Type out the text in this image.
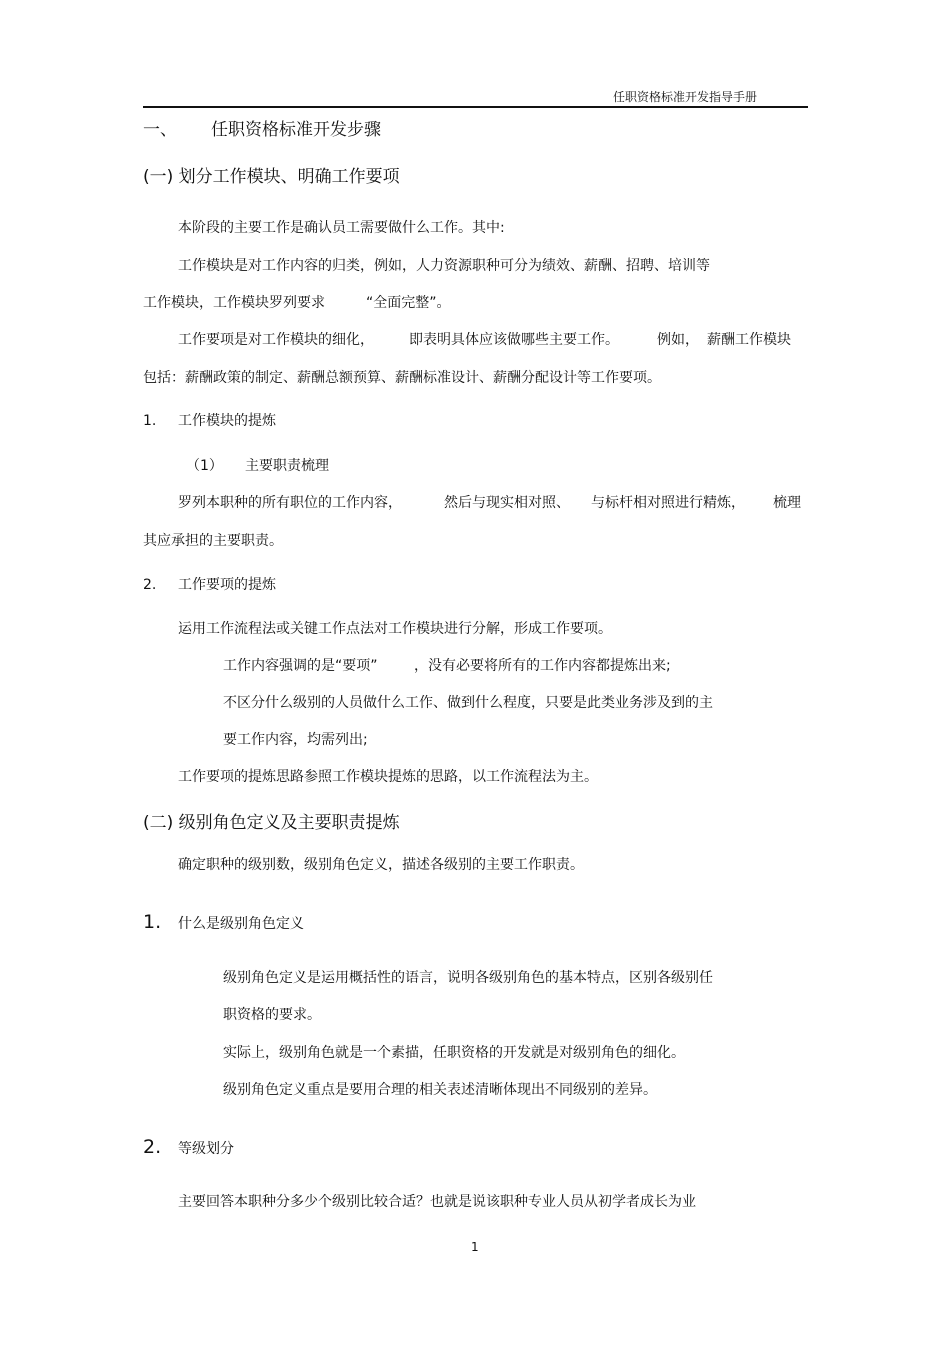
任职资格标准开发指导手册
一、 任职资格标准开发步骤
(一) 划分工作模块、明确工作要项
本阶段的主要工作是确认员工需要做什么工作。其中:
工作模块是对工作内容的归类，例如，人力资源职种可分为绩效、薪酬、招聘、培训等
工作模块，工作模块罗列要求	“全面完整”。
工作要项是对工作模块的细化，	即表明具体应该做哪些主要工作。	例如， 薪酬工作模块
包括：薪酬政策的制定、薪酬总额预算、薪酬标准设计、薪酬分配设计等工作要项。
1. 工作模块的提炼
（1） 主要职责梳理
罗列本职种的所有职位的工作内容，	然后与现实相对照、 与标杆相对照进行精炼， 梳理
其应承担的主要职责。
2. 工作要项的提炼
运用工作流程法或关键工作点法对工作模块进行分解，形成工作要项。
工作内容强调的是“要项”	，没有必要将所有的工作内容都提炼出来;
不区分什么级别的人员做什么工作、做到什么程度，只要是此类业务涉及到的主
要工作内容，均需列出;
工作要项的提炼思路参照工作模块提炼的思路，以工作流程法为主。
(二) 级别角色定义及主要职责提炼
确定职种的级别数，级别角色定义，描述各级别的主要工作职责。
1. 什么是级别角色定义
级别角色定义是运用概括性的语言，说明各级别角色的基本特点，区别各级别任
职资格的要求。
实际上，级别角色就是一个素描，任职资格的开发就是对级别角色的细化。
级别角色定义重点是要用合理的相关表述清晰体现出不同级别的差异。
2. 等级划分
主要回答本职种分多少个级别比较合适？也就是说该职种专业人员从初学者成长为业
1
